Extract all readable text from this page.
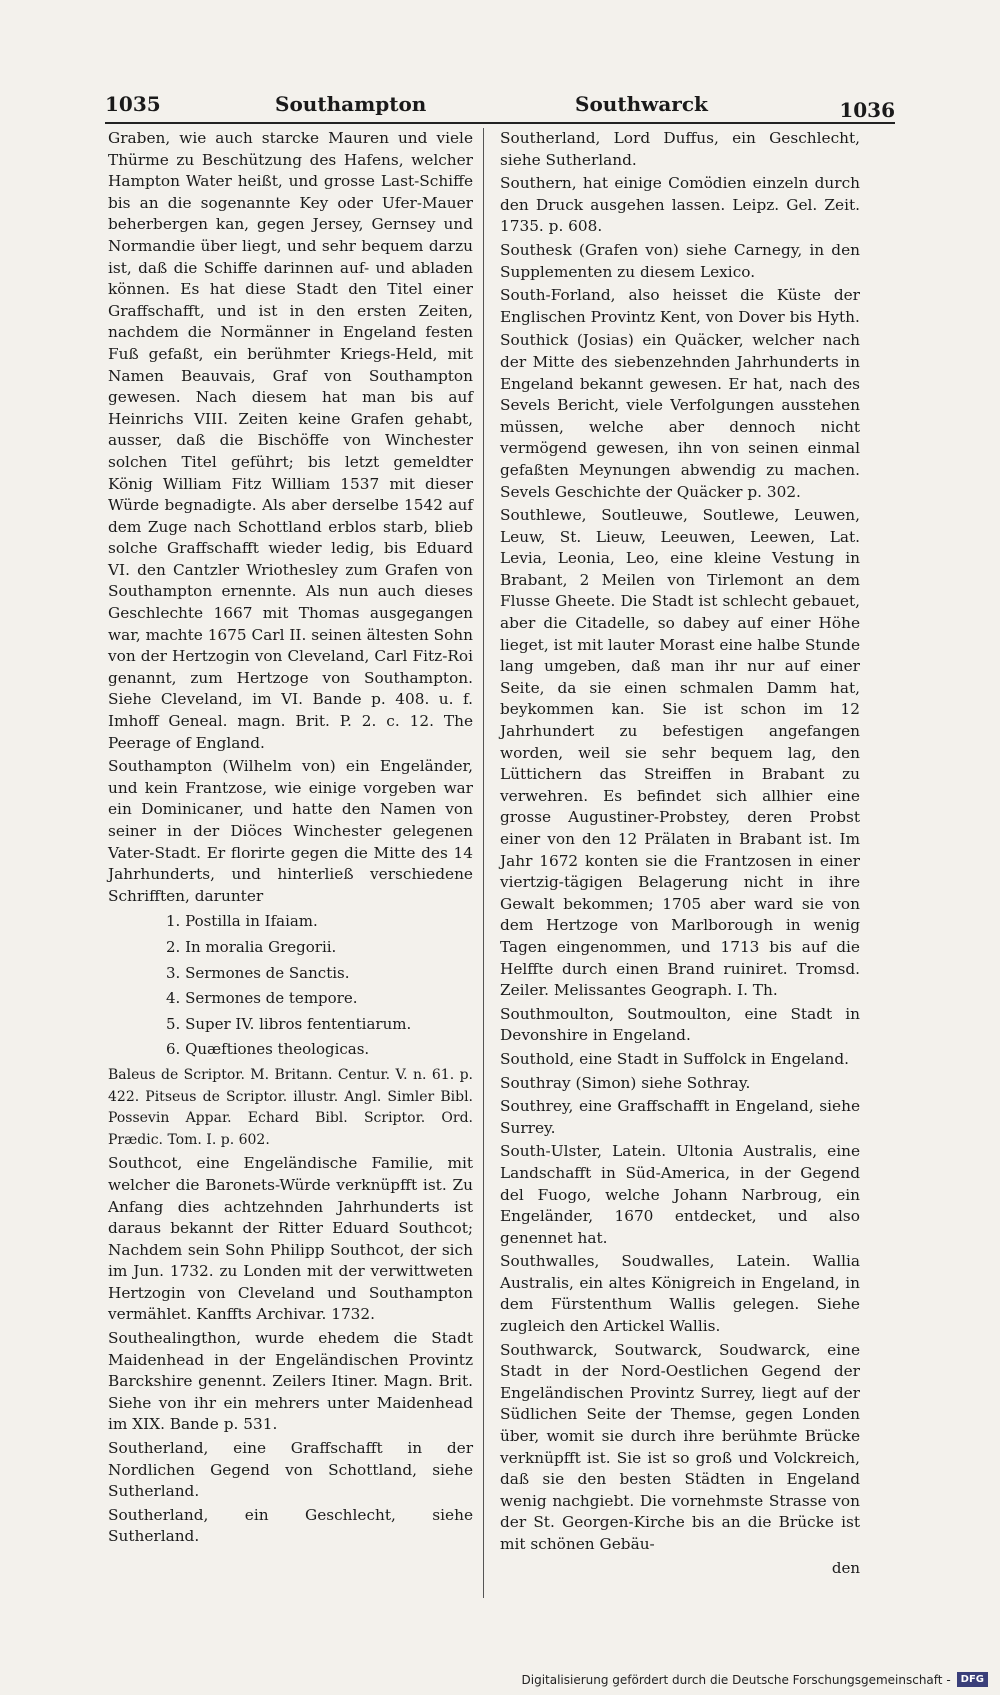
1035	Southampton	Southwarck	1036

Graben, wie auch starcke Mauren und viele Thürme zu Beschützung des Hafens, welcher Hampton Water heißt, und grosse Last-Schiffe bis an die sogenannte Key oder Ufer-Mauer beherbergen kan, gegen Jersey, Gernsey und Normandie über liegt, und sehr bequem darzu ist, daß die Schiffe darinnen auf- und abladen können. Es hat diese Stadt den Titel einer Graffschafft, und ist in den ersten Zeiten, nachdem die Normänner in Engeland festen Fuß gefaßt, ein berühmter Kriegs-Held, mit Namen Beauvais, Graf von Southampton gewesen. Nach diesem hat man bis auf Heinrichs VIII. Zeiten keine Grafen gehabt, ausser, daß die Bischöffe von Winchester solchen Titel geführt; bis letzt gemeldter König William Fitz William 1537 mit dieser Würde begnadigte. Als aber derselbe 1542 auf dem Zuge nach Schottland erblos starb, blieb solche Graffschafft wieder ledig, bis Eduard VI. den Cantzler Wriothesley zum Grafen von Southampton ernennte. Als nun auch dieses Geschlechte 1667 mit Thomas ausgegangen war, machte 1675 Carl II. seinen ältesten Sohn von der Hertzogin von Cleveland, Carl Fitz-Roi genannt, zum Hertzoge von Southampton. Siehe Cleveland, im VI. Bande p. 408. u. f. Imhoff Geneal. magn. Brit. P. 2. c. 12. The Peerage of England.

Southampton (Wilhelm von) ein Engeländer, und kein Frantzose, wie einige vorgeben war ein Dominicaner, und hatte den Namen von seiner in der Diöces Winchester gelegenen Vater-Stadt. Er florirte gegen die Mitte des 14 Jahrhunderts, und hinterließ verschiedene Schrifften, darunter

1. Postilla in Ifaiam.
2. In moralia Gregorii.
3. Sermones de Sanctis.
4. Sermones de tempore.
5. Super IV. libros fententiarum.
6. Quæftiones theologicas.

Baleus de Scriptor. M. Britann. Centur. V. n. 61. p. 422. Pitseus de Scriptor. illustr. Angl. Simler Bibl. Possevin Appar. Echard Bibl. Scriptor. Ord. Prædic. Tom. I. p. 602.

Southcot, eine Engeländische Familie, mit welcher die Baronets-Würde verknüpfft ist. Zu Anfang dies achtzehnden Jahrhunderts ist daraus bekannt der Ritter Eduard Southcot; Nachdem sein Sohn Philipp Southcot, der sich im Jun. 1732. zu Londen mit der verwittweten Hertzogin von Cleveland und Southampton vermählet. Kanffts Archivar. 1732.

Southealingthon, wurde ehedem die Stadt Maidenhead in der Engeländischen Provintz Barckshire genennt. Zeilers Itiner. Magn. Brit. Siehe von ihr ein mehrers unter Maidenhead im XIX. Bande p. 531.

Southerland, eine Graffschafft in der Nordlichen Gegend von Schottland, siehe Sutherland.

Southerland, ein Geschlecht, siehe Sutherland.

Southerland, Lord Duffus, ein Geschlecht, siehe Sutherland.

Southern, hat einige Comödien einzeln durch den Druck ausgehen lassen. Leipz. Gel. Zeit. 1735. p. 608.

Southesk (Grafen von) siehe Carnegy, in den Supplementen zu diesem Lexico.

South-Forland, also heisset die Küste der Englischen Provintz Kent, von Dover bis Hyth.

Southick (Josias) ein Quäcker, welcher nach der Mitte des siebenzehnden Jahrhunderts in Engeland bekannt gewesen. Er hat, nach des Sevels Bericht, viele Verfolgungen ausstehen müssen, welche aber dennoch nicht vermögend gewesen, ihn von seinen einmal gefaßten Meynungen abwendig zu machen. Sevels Geschichte der Quäcker p. 302.

Southlewe, Soutleuwe, Soutlewe, Leuwen, Leuw, St. Lieuw, Leeuwen, Leewen, Lat. Levia, Leonia, Leo, eine kleine Vestung in Brabant, 2 Meilen von Tirlemont an dem Flusse Gheete. Die Stadt ist schlecht gebauet, aber die Citadelle, so dabey auf einer Höhe lieget, ist mit lauter Morast eine halbe Stunde lang umgeben, daß man ihr nur auf einer Seite, da sie einen schmalen Damm hat, beykommen kan. Sie ist schon im 12 Jahrhundert zu befestigen angefangen worden, weil sie sehr bequem lag, den Lüttichern das Streiffen in Brabant zu verwehren. Es befindet sich allhier eine grosse Augustiner-Probstey, deren Probst einer von den 12 Prälaten in Brabant ist. Im Jahr 1672 konten sie die Frantzosen in einer viertzig-tägigen Belagerung nicht in ihre Gewalt bekommen; 1705 aber ward sie von dem Hertzoge von Marlborough in wenig Tagen eingenommen, und 1713 bis auf die Helffte durch einen Brand ruiniret. Tromsd. Zeiler. Melissantes Geograph. I. Th.

Southmoulton, Soutmoulton, eine Stadt in Devonshire in Engeland.

Southold, eine Stadt in Suffolck in Engeland.

Southray (Simon) siehe Sothray.

Southrey, eine Graffschafft in Engeland, siehe Surrey.

South-Ulster, Latein. Ultonia Australis, eine Landschafft in Süd-America, in der Gegend del Fuogo, welche Johann Narbroug, ein Engeländer, 1670 entdecket, und also genennet hat.

Southwalles, Soudwalles, Latein. Wallia Australis, ein altes Königreich in Engeland, in dem Fürstenthum Wallis gelegen. Siehe zugleich den Artickel Wallis.

Southwarck, Soutwarck, Soudwarck, eine Stadt in der Nord-Oestlichen Gegend der Engeländischen Provintz Surrey, liegt auf der Südlichen Seite der Themse, gegen Londen über, womit sie durch ihre berühmte Brücke verknüpfft ist. Sie ist so groß und Volckreich, daß sie den besten Städten in Engeland wenig nachgiebt. Die vornehmste Strasse von der St. Georgen-Kirche bis an die Brücke ist mit schönen Gebäu-

den
Digitalisierung gefördert durch die Deutsche Forschungsgemeinschaft -	DFG
